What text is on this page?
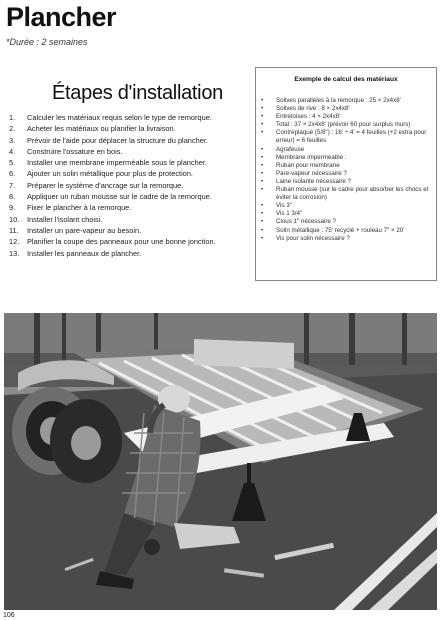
Plancher
*Durée : 2 semaines
Étapes d'installation
1.	Calculer les matériaux requis selon le type de remorque.
2.	Acheter les matériaux ou planifier la livraison.
3.	Prévoir de l'aide pour déplacer la structure du plancher.
4.	Construire l'ossature en bois.
5.	Installer une membrane imperméable sous le plancher.
6.	Ajouter un solin métallique pour plus de protection.
7.	Préparer le système d'ancrage sur la remorque.
8.	Appliquer un ruban mousse sur le cadre de la remorque.
9.	Fixer le plancher à la remorque.
10.	Installer l'isolant choisi.
11.	Installer un pare-vapeur au besoin.
12.	Planifier la coupe des panneaux pour une bonne jonction.
13.	Installer les panneaux de plancher.
Exemple de calcul des matériaux
•	Solives parallèles à la remorque : 25 × 2x4x8'
•	Solives de rive : 8 × 2x4x8'
•	Entretoises : 4 × 2x4x8'
•	Total : 37 × 2x4x8' (prévoir 60 pour surplus murs)
•	Contreplaqué (5/8") : 16' ÷ 4' = 4 feuilles (+2 extra pour erreur) = 6 feuilles
•	Agrafeuse
•	Membrane imperméable :
•	Ruban pour membrane
•	Pare-vapeur nécessaire ?
•	Laine isolante nécessaire ?
•	Ruban mousse (sur le cadre pour absorber les chocs et éviter la corrosion)
•	Vis 3"
•	Vis 1 3/4"
•	Clous 1" nécessaire ?
•	Solin métallique : 75' recyclé + rouleau 7" × 20'
•	Vis pour solin nécessaire ?
106
